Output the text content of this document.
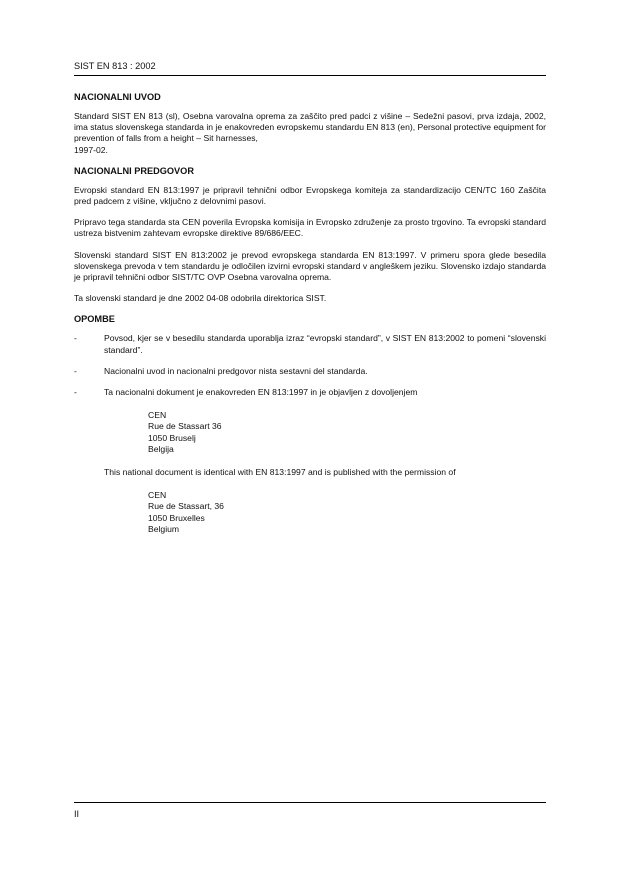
SIST EN 813 : 2002
NACIONALNI UVOD

Standard SIST EN 813 (sl), Osebna varovalna oprema za zaščito pred padci z višine – Sedežni pasovi, prva izdaja, 2002, ima status slovenskega standarda in je enakovreden evropskemu standardu EN 813 (en), Personal protective equipment for prevention of falls from a height – Sit harnesses,

1997-02.

NACIONALNI PREDGOVOR

Evropski standard EN 813:1997 je pripravil tehnični odbor Evropskega komiteja za standardizacijo CEN/TC 160 Zaščita pred padcem z višine, vključno z delovnimi pasovi.

Pripravo tega standarda sta CEN poverila Evropska komisija in Evropsko združenje za prosto trgovino. Ta evropski standard ustreza bistvenim zahtevam evropske direktive 89/686/EEC.

Slovenski standard SIST EN 813:2002 je prevod evropskega standarda EN 813:1997. V primeru spora glede besedila slovenskega prevoda v tem standardu je odločilen izvirni evropski standard v angleškem jeziku. Slovensko izdajo standarda je pripravil tehnični odbor SIST/TC OVP Osebna varovalna oprema.

Ta slovenski standard je dne 2002 04-08 odobrila direktorica SIST.

OPOMBE
-	Povsod, kjer se v besedilu standarda uporablja izraz “evropski standard”, v SIST EN 813:2002 to pomeni “slovenski standard”.
-	Nacionalni uvod in nacionalni predgovor nista sestavni del standarda.
-	Ta nacionalni dokument je enakovreden EN 813:1997 in je objavljen z dovoljenjem
CEN
Rue de Stassart 36
1050 Bruselj
Belgija
This national document is identical with EN 813:1997 and is published with the permission of
CEN
Rue de Stassart, 36
1050 Bruxelles
Belgium
II
